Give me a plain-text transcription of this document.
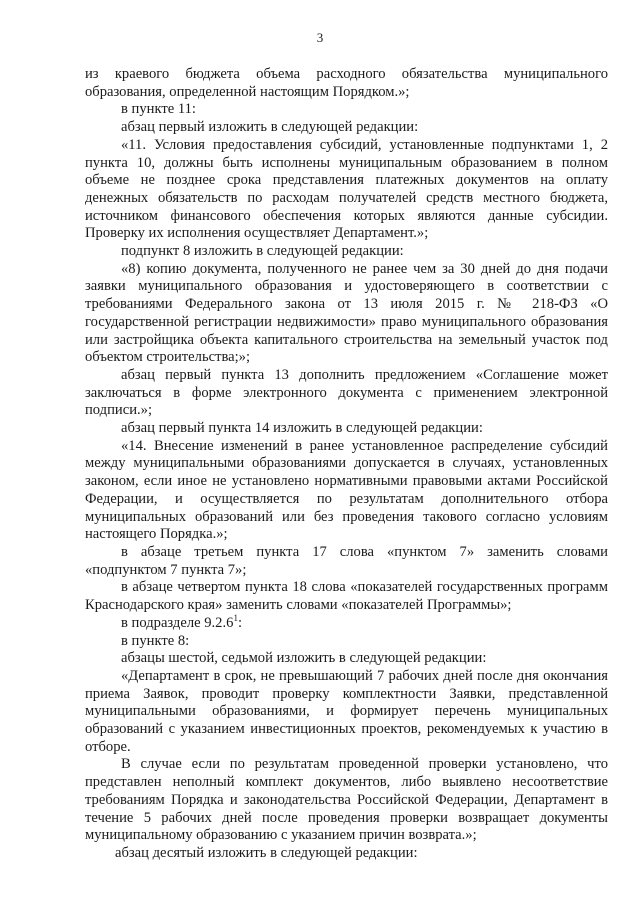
3

из краевого бюджета объема расходного обязательства муниципального образования, определенной настоящим Порядком.»;

в пункте 11:

абзац первый изложить в следующей редакции:

«11. Условия предоставления субсидий, установленные подпунктами 1, 2 пункта 10, должны быть исполнены муниципальным образованием в полном объеме не позднее срока представления платежных документов на оплату денежных обязательств по расходам получателей средств местного бюджета, источником финансового обеспечения которых являются данные субсидии. Проверку их исполнения осуществляет Департамент.»;

подпункт 8 изложить в следующей редакции:

«8) копию документа, полученного не ранее чем за 30 дней до дня подачи заявки муниципального образования и удостоверяющего в соответствии с требованиями Федерального закона от 13 июля 2015 г. № 218-ФЗ «О государственной регистрации недвижимости» право муниципального образования или застройщика объекта капитального строительства на земельный участок под объектом строительства;»;

абзац первый пункта 13 дополнить предложением «Соглашение может заключаться в форме электронного документа с применением электронной подписи.»;

абзац первый пункта 14 изложить в следующей редакции:

«14. Внесение изменений в ранее установленное распределение субсидий между муниципальными образованиями допускается в случаях, установленных законом, если иное не установлено нормативными правовыми актами Российской Федерации, и осуществляется по результатам дополнительного отбора муниципальных образований или без проведения такового согласно условиям настоящего Порядка.»;

в абзаце третьем пункта 17 слова «пунктом 7» заменить словами «подпунктом 7 пункта 7»;

в абзаце четвертом пункта 18 слова «показателей государственных программ Краснодарского края» заменить словами «показателей Программы»;

в подразделе 9.2.6$^1$:

в пункте 8:

абзацы шестой, седьмой изложить в следующей редакции:

«Департамент в срок, не превышающий 7 рабочих дней после дня окончания приема Заявок, проводит проверку комплектности Заявки, представленной муниципальными образованиями, и формирует перечень муниципальных образований с указанием инвестиционных проектов, рекомендуемых к участию в отборе.

В случае если по результатам проведенной проверки установлено, что представлен неполный комплект документов, либо выявлено несоответствие требованиям Порядка и законодательства Российской Федерации, Департамент в течение 5 рабочих дней после проведения проверки возвращает документы муниципальному образованию с указанием причин возврата.»;

абзац десятый изложить в следующей редакции:
